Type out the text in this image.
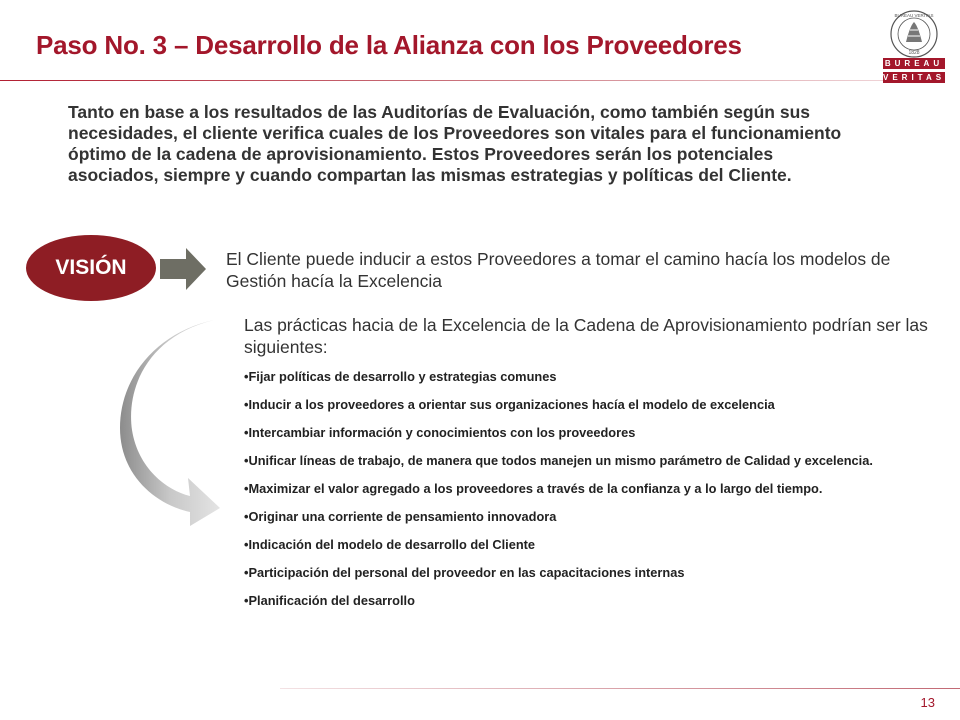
Paso No. 3 – Desarrollo de la Alianza con los Proveedores
BUREAU VERITAS
1828
BUREAU
VERITAS
Tanto en base a los resultados de las Auditorías de Evaluación, como también según sus necesidades, el cliente verifica cuales de los Proveedores son vitales para el funcionamiento óptimo de la cadena de aprovisionamiento. Estos Proveedores serán los potenciales asociados, siempre y cuando compartan las mismas estrategias y políticas del Cliente.
VISIÓN	El Cliente puede inducir a estos Proveedores a tomar el camino hacía los modelos de Gestión hacía la Excelencia
Las prácticas hacia de la Excelencia de la Cadena de Aprovisionamiento podrían ser las siguientes:
•Fijar políticas de desarrollo y estrategias comunes
•Inducir a los proveedores a orientar sus organizaciones hacía el modelo de excelencia
•Intercambiar información y conocimientos con los proveedores
•Unificar líneas de trabajo, de manera que todos manejen un mismo parámetro de Calidad y excelencia.
•Maximizar el valor agregado a los proveedores a través de la confianza y a lo largo del tiempo.
•Originar una corriente de pensamiento innovadora
•Indicación del modelo de desarrollo del Cliente
•Participación del personal del proveedor en las capacitaciones internas
•Planificación del desarrollo
13
